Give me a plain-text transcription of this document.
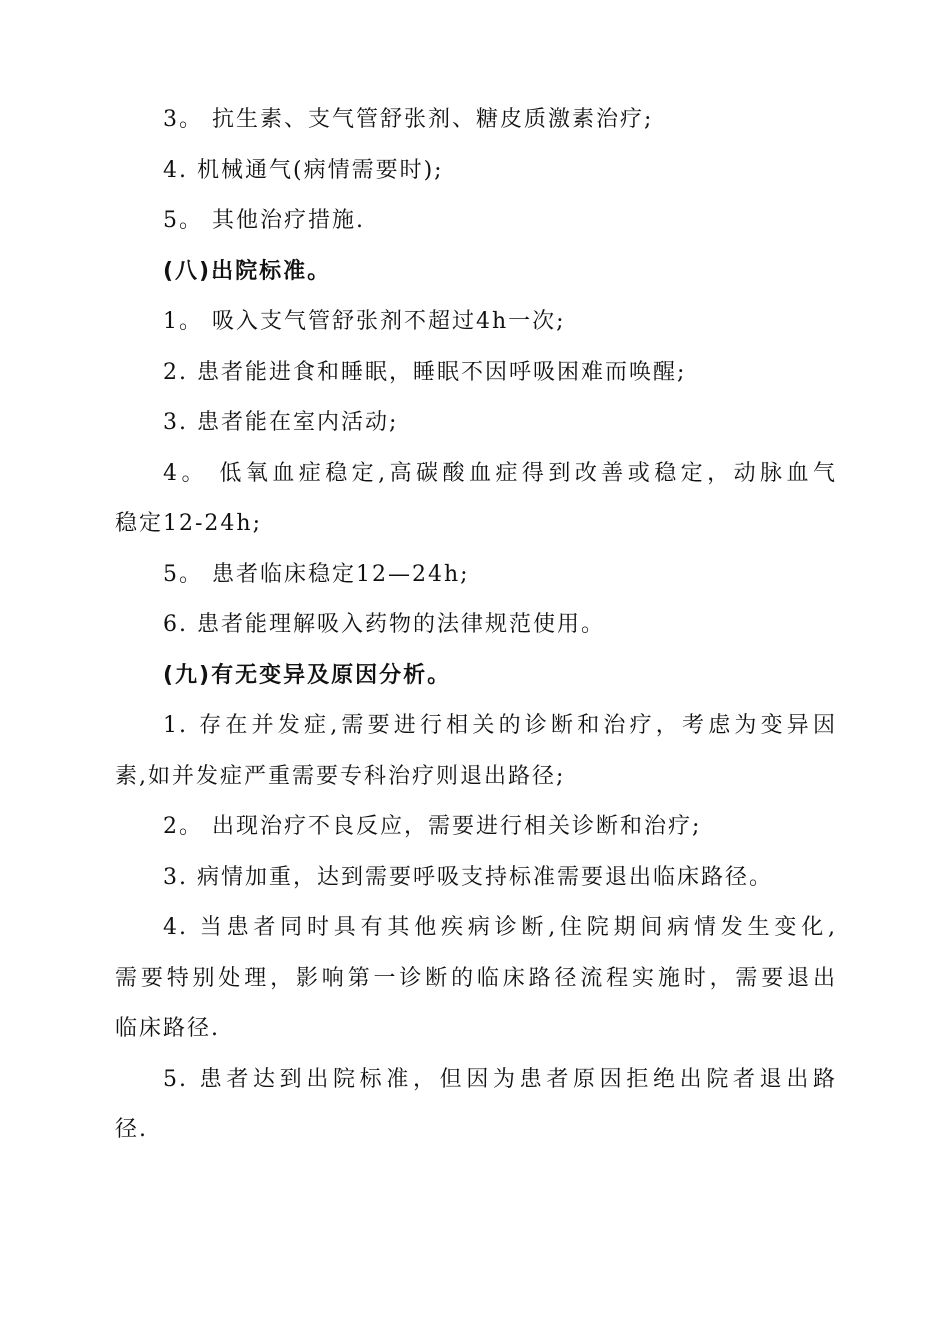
3。 抗生素、支气管舒张剂、糖皮质激素治疗;

4. 机械通气(病情需要时);

5。 其他治疗措施.

(八)出院标准。

1。 吸入支气管舒张剂不超过4h一次;

2. 患者能进食和睡眠，睡眠不因呼吸困难而唤醒;

3. 患者能在室内活动;

4。 低氧血症稳定,高碳酸血症得到改善或稳定，动脉血气

稳定12-24h;

5。 患者临床稳定12—24h;

6. 患者能理解吸入药物的法律规范使用。

(九)有无变异及原因分析。

1. 存在并发症,需要进行相关的诊断和治疗，考虑为变异因

素,如并发症严重需要专科治疗则退出路径;

2。 出现治疗不良反应，需要进行相关诊断和治疗;

3. 病情加重，达到需要呼吸支持标准需要退出临床路径。

4. 当患者同时具有其他疾病诊断,住院期间病情发生变化,

需要特别处理，影响第一诊断的临床路径流程实施时，需要退出

临床路径.

5. 患者达到出院标准，但因为患者原因拒绝出院者退出路

径.
